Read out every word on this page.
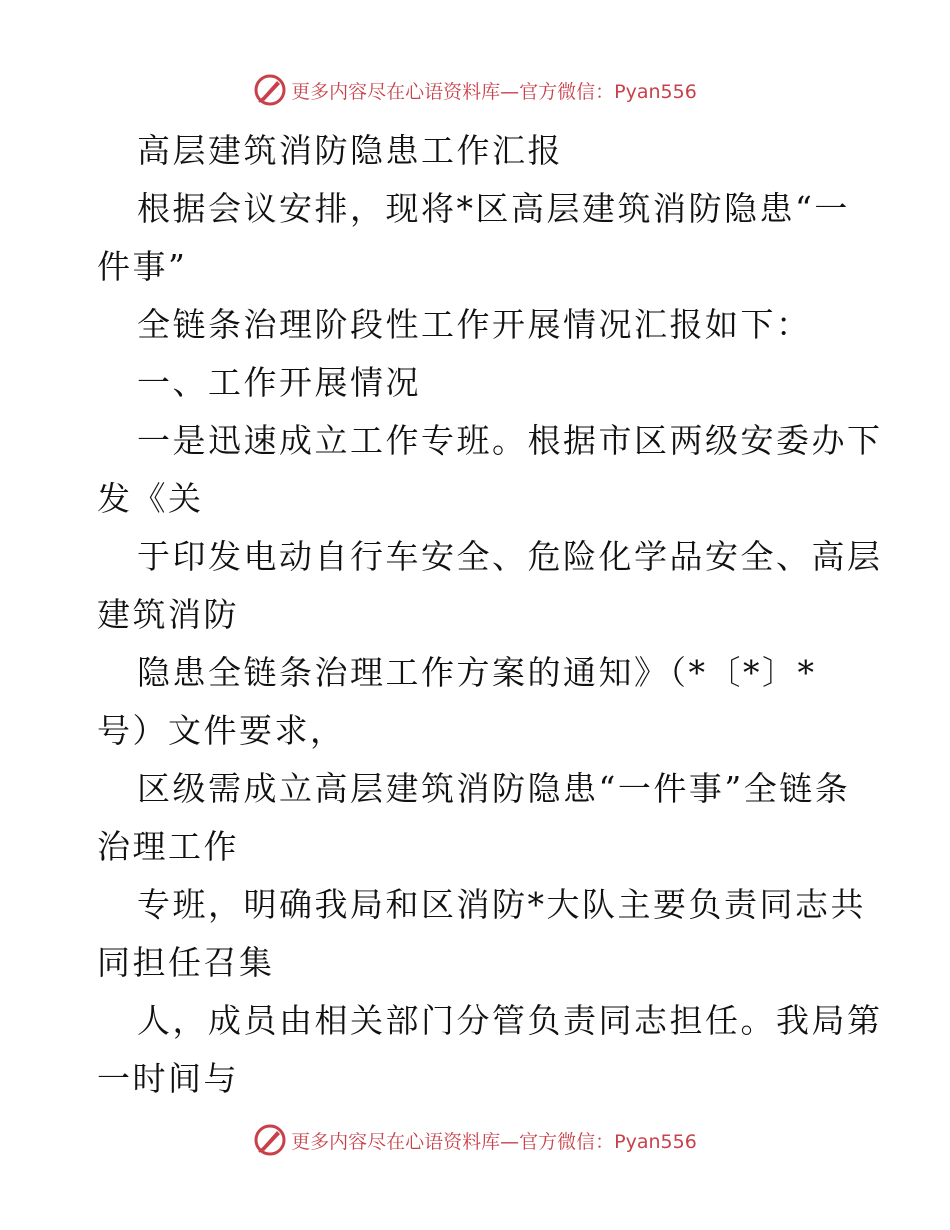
更多内容尽在心语资料库—官方微信：Pyan556
高层建筑消防隐患工作汇报
根据会议安排，现将*区高层建筑消防隐患“一
件事”
全链条治理阶段性工作开展情况汇报如下：
一、工作开展情况
一是迅速成立工作专班。根据市区两级安委办下
发《关
于印发电动自行车安全、危险化学品安全、高层
建筑消防
隐患全链条治理工作方案的通知》（*〔*〕*
号）文件要求，
区级需成立高层建筑消防隐患“一件事”全链条
治理工作
专班，明确我局和区消防*大队主要负责同志共
同担任召集
人，成员由相关部门分管负责同志担任。我局第
一时间与
更多内容尽在心语资料库—官方微信：Pyan556
